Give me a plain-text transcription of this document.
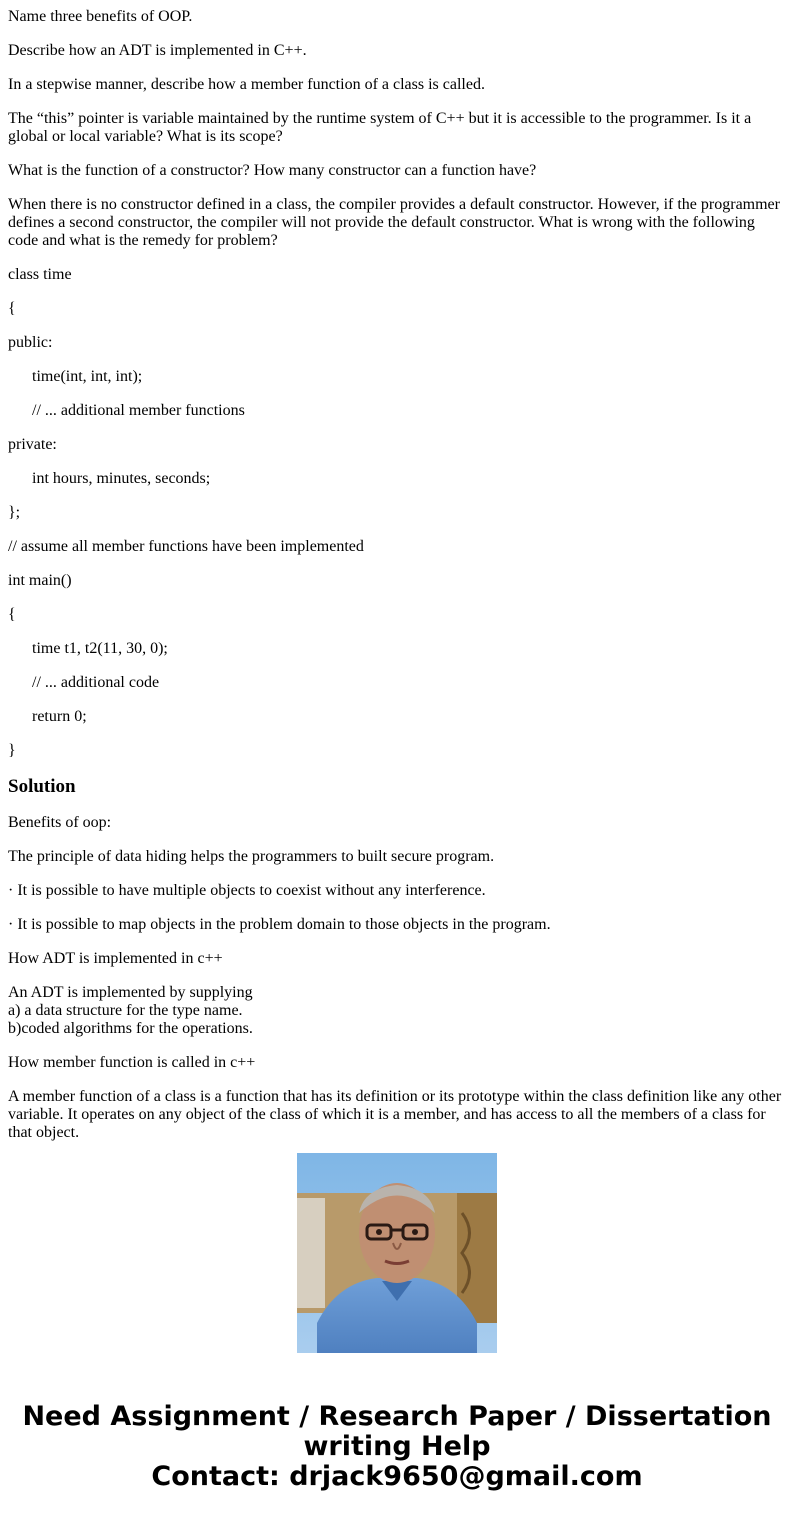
Name three benefits of OOP.

Describe how an ADT is implemented in C++.

In a stepwise manner, describe how a member function of a class is called.

The “this” pointer is variable maintained by the runtime system of C++ but it is accessible to the programmer. Is it a global or local variable? What is its scope?

What is the function of a constructor? How many constructor can a function have?

When there is no constructor defined in a class, the compiler provides a default constructor. However, if the programmer defines a second constructor, the compiler will not provide the default constructor. What is wrong with the following code and what is the remedy for problem?

class time

{

public:

time(int, int, int);

// ... additional member functions

private:

int hours, minutes, seconds;

};

// assume all member functions have been implemented

int main()

{

time t1, t2(11, 30, 0);

// ... additional code

return 0;

}

Solution

Benefits of oop:

The principle of data hiding helps the programmers to built secure program.

· It is possible to have multiple objects to coexist without any interference.

· It is possible to map objects in the problem domain to those objects in the program.

How ADT is implemented in c++

An ADT is implemented by supplying
a) a data structure for the type name.
b)coded algorithms for the operations.

How member function is called in c++

A member function of a class is a function that has its definition or its prototype within the class definition like any other variable. It operates on any object of the class of which it is a member, and has access to all the members of a class for that object.

Need Assignment / Research Paper / Dissertation
writing Help
Contact: drjack9650@gmail.com
